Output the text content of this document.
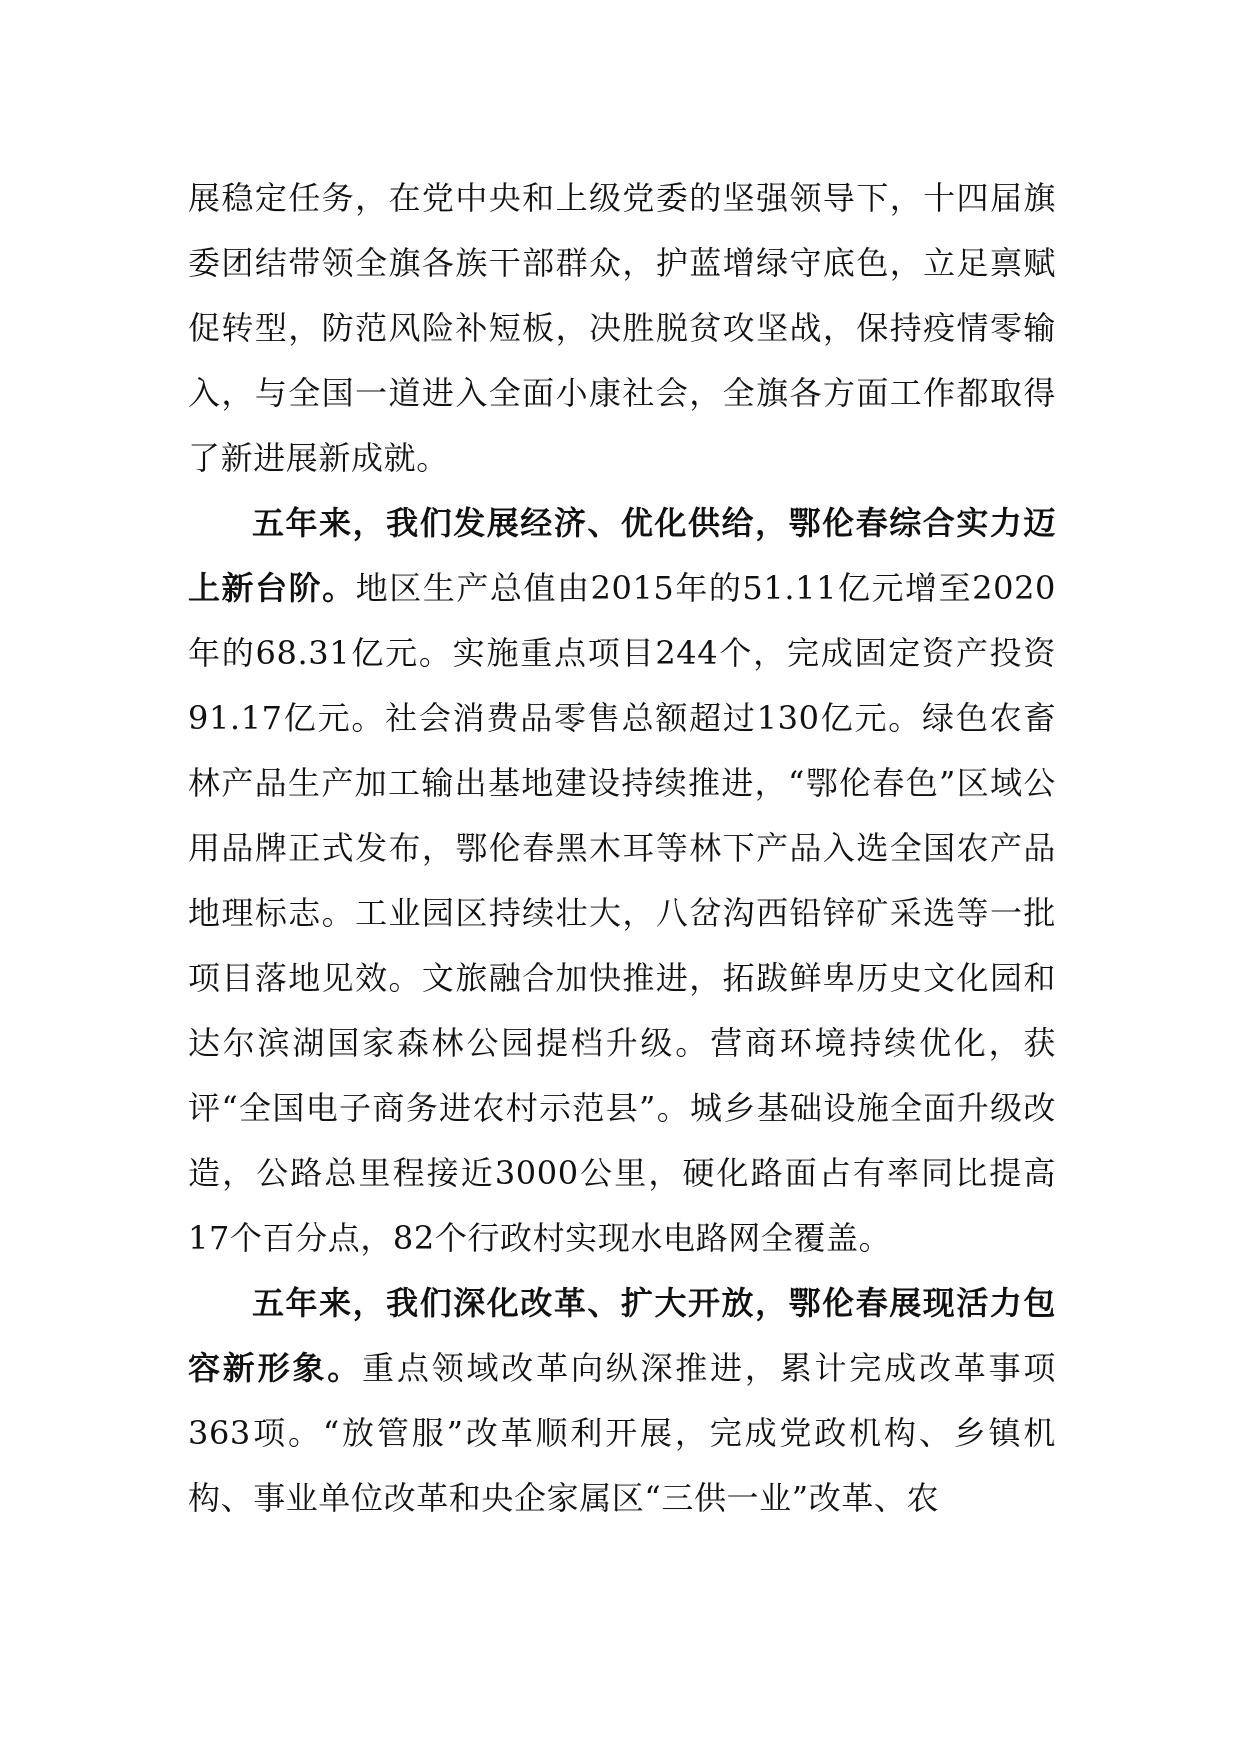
展稳定任务，在党中央和上级党委的坚强领导下，十四届旗委团结带领全旗各族干部群众，护蓝增绿守底色，立足禀赋促转型，防范风险补短板，决胜脱贫攻坚战，保持疫情零输入，与全国一道进入全面小康社会，全旗各方面工作都取得了新进展新成就。

五年来，我们发展经济、优化供给，鄂伦春综合实力迈上新台阶。地区生产总值由2015年的51.11亿元增至2020年的68.31亿元。实施重点项目244个，完成固定资产投资91.17亿元。社会消费品零售总额超过130亿元。绿色农畜林产品生产加工输出基地建设持续推进，“鄂伦春色”区域公用品牌正式发布，鄂伦春黑木耳等林下产品入选全国农产品地理标志。工业园区持续壮大，八岔沟西铅锌矿采选等一批项目落地见效。文旅融合加快推进，拓跋鲜卑历史文化园和达尔滨湖国家森林公园提档升级。营商环境持续优化，获评“全国电子商务进农村示范县”。城乡基础设施全面升级改造，公路总里程接近3000公里，硬化路面占有率同比提高17个百分点，82个行政村实现水电路网全覆盖。

五年来，我们深化改革、扩大开放，鄂伦春展现活力包容新形象。重点领域改革向纵深推进，累计完成改革事项363项。“放管服”改革顺利开展，完成党政机构、乡镇机构、事业单位改革和央企家属区“三供一业”改革、农
